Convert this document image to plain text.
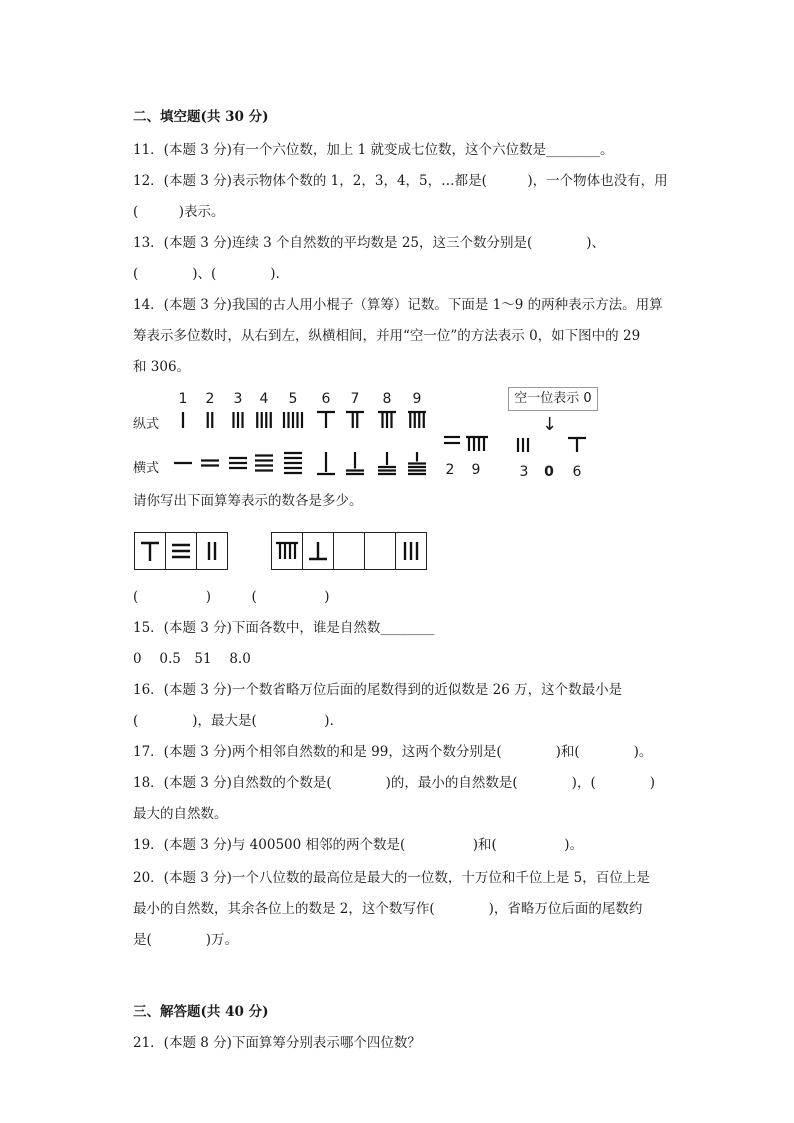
二、填空题(共 30 分)
11．(本题 3 分)有一个六位数，加上 1 就变成七位数，这个六位数是________。
12．(本题 3 分)表示物体个数的 1，2，3，4，5，…都是(　　　)，一个物体也没有，用
(　　　)表示。
13．(本题 3 分)连续 3 个自然数的平均数是 25，这三个数分别是(　　　　)、
(　　　　)、(　　　　)．
14．(本题 3 分)我国的古人用小棍子（算筹）记数。下面是 1～9 的两种表示方法。用算
筹表示多位数时，从右到左，纵横相间，并用“空一位”的方法表示 0，如下图中的 29
和 306。
1	2	3	4	5	6	7	8	9
纵式
横式
空一位表示 0
↓
2	9	3	0	6
请你写出下面算筹表示的数各是多少。
(　　　　　)　　　(　　　　　)
15．(本题 3 分)下面各数中，谁是自然数________
0　 0.5　51　 8.0
16．(本题 3 分)一个数省略万位后面的尾数得到的近似数是 26 万，这个数最小是
(　　　　)，最大是(　　　　　)．
17．(本题 3 分)两个相邻自然数的和是 99，这两个数分别是(　　　　)和(　　　　)。
18．(本题 3 分)自然数的个数是(　　　　)的，最小的自然数是(　　　　)，(　　　　)
最大的自然数。
19．(本题 3 分)与 400500 相邻的两个数是(　　　　　)和(　　　　　)。
20．(本题 3 分)一个八位数的最高位是最大的一位数，十万位和千位上是 5，百位上是
最小的自然数，其余各位上的数是 2，这个数写作(　　　　)，省略万位后面的尾数约
是(　　　　)万。
三、解答题(共 40 分)
21．(本题 8 分)下面算筹分别表示哪个四位数？
